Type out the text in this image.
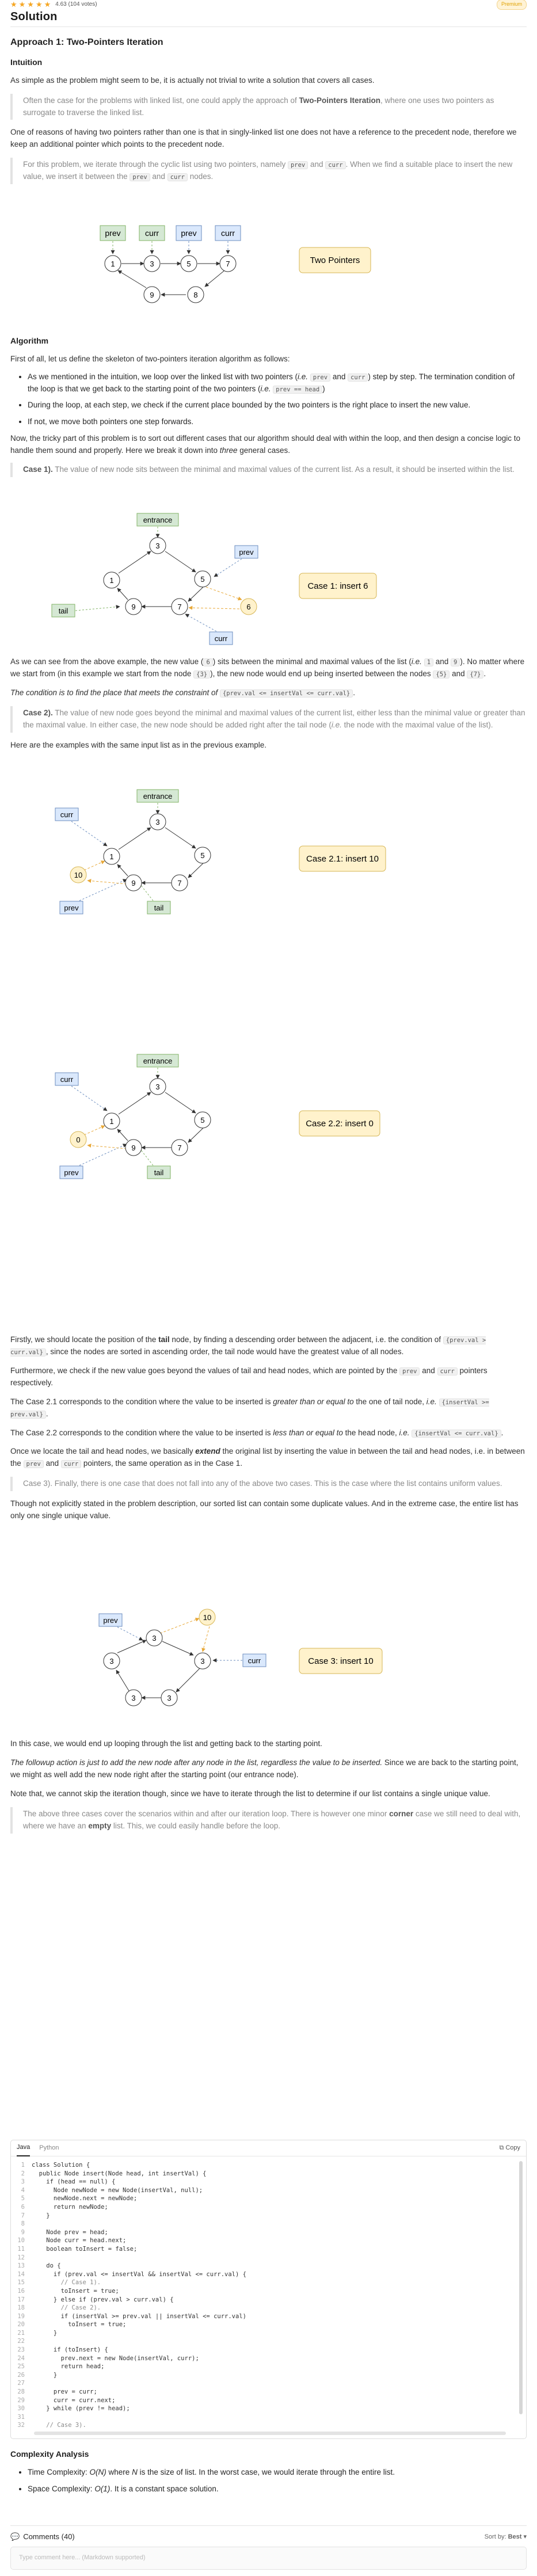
★★★★★ 4.63 (104 votes)	Premium
Solution
Approach 1: Two-Pointers Iteration
Intuition

As simple as the problem might seem to be, it is actually not trivial to write a solution that covers all cases.

Often the case for the problems with linked list, one could apply the approach of Two-Pointers Iteration, where one uses two pointers as surrogate to traverse the linked list.

One of reasons of having two pointers rather than one is that in singly-linked list one does not have a reference to the precedent node, therefore we keep an additional pointer which points to the precedent node.

For this problem, we iterate through the cyclic list using two pointers, namely prev and curr . When we find a suitable place to insert the new value, we insert it between the prev and curr nodes.

prev	curr	prev	curr
1	3	5	7
8
9
Two Pointers
Algorithm

First of all, let us define the skeleton of two-pointers iteration algorithm as follows:

• As we mentioned in the intuition, we loop over the linked list with two pointers (i.e. prev and curr ) step by step. The termination condition of the loop is that we get back to the starting point of the two pointers (i.e. prev == head )
• During the loop, at each step, we check if the current place bounded by the two pointers is the right place to insert the new value.
• If not, we move both pointers one step forwards.

Now, the tricky part of this problem is to sort out different cases that our algorithm should deal with within the loop, and then design a concise logic to handle them sound and properly. Here we break it down into three general cases.

Case 1). The value of new node sits between the minimal and maximal values of the current list. As a result, it should be inserted within the list.

entrance
prev
tail
curr
3
5
7
9
1
6
Case 1: insert 6

As we can see from the above example, the new value ( 6 ) sits between the minimal and maximal values of the list (i.e. 1 and 9 ). No matter where we start from (in this example we start from the node {3} ), the new node would end up being inserted between the nodes {5} and {7} .

The condition is to find the place that meets the constraint of {prev.val <= insertVal <= curr.val} .

Case 2). The value of new node goes beyond the minimal and maximal values of the current list, either less than the minimal value or greater than the maximal value. In either case, the new node should be added right after the tail node (i.e. the node with the maximal value of the list).

Here are the examples with the same input list as in the previous example.

entrance
curr
prev	tail
3
5
7
9
1
10
Case 2.1: insert 10
entrance
curr
prev	tail
3
5
7
9
1
0
Case 2.2: insert 0

Firstly, we should locate the position of the tail node, by finding a descending order between the adjacent, i.e. the condition of {prev.val > curr.val} , since the nodes are sorted in ascending order, the tail node would have the greatest value of all nodes.

Furthermore, we check if the new value goes beyond the values of tail and head nodes, which are pointed by the prev and curr pointers respectively.

The Case 2.1 corresponds to the condition where the value to be inserted is greater than or equal to the one of tail node, i.e. {insertVal >= prev.val} .

The Case 2.2 corresponds to the condition where the value to be inserted is less than or equal to the head node, i.e. {insertVal <= curr.val} .

Once we locate the tail and head nodes, we basically extend the original list by inserting the value in between the tail and head nodes, i.e. in between the prev and curr pointers, the same operation as in the Case 1.

Case 3). Finally, there is one case that does not fall into any of the above two cases. This is the case where the list contains uniform values.

Though not explicitly stated in the problem description, our sorted list can contain some duplicate values. And in the extreme case, the entire list has only one single unique value.

prev
curr
3
3
3
3
3
10
Case 3: insert 10

In this case, we would end up looping through the list and getting back to the starting point.

The followup action is just to add the new node after any node in the list, regardless the value to be inserted. Since we are back to the starting point, we might as well add the new node right after the starting point (our entrance node).

Note that, we cannot skip the iteration though, since we have to iterate through the list to determine if our list contains a single unique value.

The above three cases cover the scenarios within and after our iteration loop. There is however one minor corner case we still need to deal with, where we have an empty list. This, we could easily handle before the loop.

Java Python	⧉ Copy
1	class Solution {
2	public Node insert(Node head, int insertVal) {
3	if (head == null) {
4	Node newNode = new Node(insertVal, null);
5	newNode.next = newNode;
6	return newNode;
7	}
8
9	Node prev = head;
10	Node curr = head.next;
11	boolean toInsert = false;
12
13	do {
14	if (prev.val <= insertVal && insertVal <= curr.val) {
15	// Case 1).
16	toInsert = true;
17	} else if (prev.val > curr.val) {
18	// Case 2).
19	if (insertVal >= prev.val || insertVal <= curr.val)
20	toInsert = true;
21	}
22
23	if (toInsert) {
24	prev.next = new Node(insertVal, curr);
25	return head;
26	}
27
28	prev = curr;
29	curr = curr.next;
30	} while (prev != head);
31
32	// Case 3).
Complexity Analysis
• Time Complexity: O(N) where N is the size of list. In the worst case, we would iterate through the entire list.
• Space Complexity: O(1). It is a constant space solution.
💬 Comments (40)	Sort by: Best ▾
Type comment here... (Markdown supported)
